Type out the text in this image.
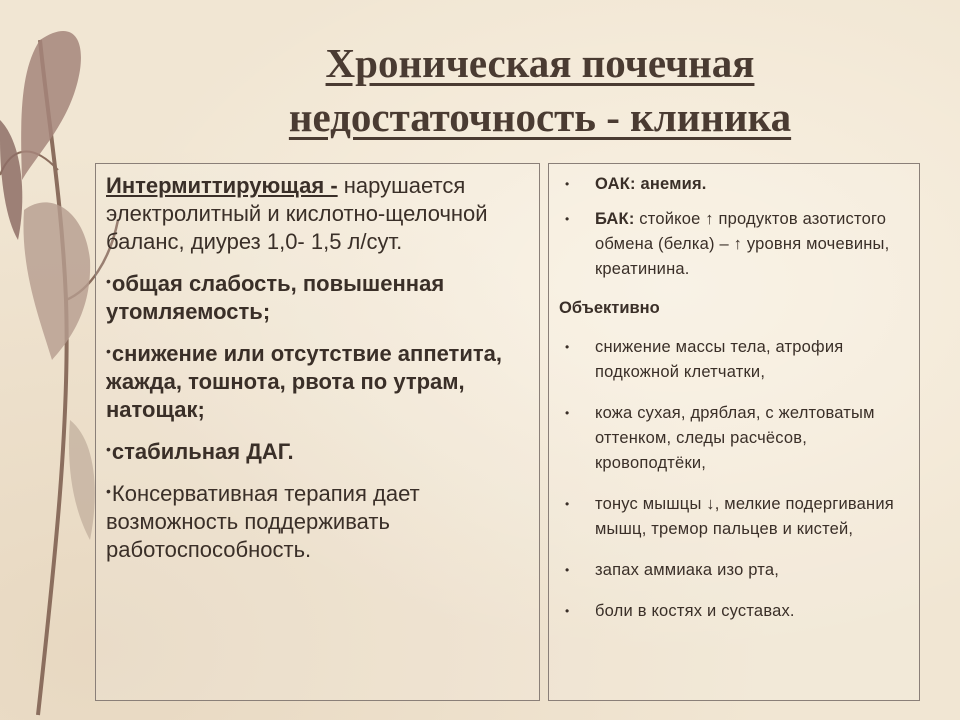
Хроническая почечная
недостаточность - клиника

Интермиттирующая - нарушается электролитный и кислотно-щелочной баланс, диурез 1,0- 1,5 л/сут.

•общая слабость, повышенная утомляемость;

•снижение или отсутствие аппетита, жажда, тошнота, рвота по утрам, натощак;

•стабильная ДАГ.

•Консервативная терапия дает возможность поддерживать работоспособность.

• ОАК: анемия.
• БАК: стойкое ↑ продуктов азотистого обмена (белка) – ↑ уровня мочевины, креатинина.

Объективно

• снижение массы тела, атрофия подкожной клетчатки,
• кожа сухая, дряблая, с желтоватым оттенком, следы расчёсов, кровоподтёки,
• тонус мышцы ↓, мелкие подергивания мышц, тремор пальцев и кистей,
• запах аммиака изо рта,
• боли в костях и суставах.
